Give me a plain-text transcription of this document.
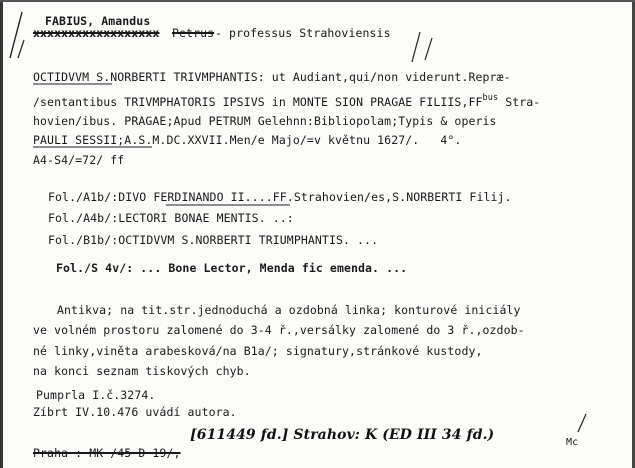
FABIUS, Amandus
xxxxxxxxxxxxxxxxxx Petrus - professus Strahoviensis
OCTIDVVM S.NORBERTI TRIVMPHANTIS: ut Audiant,qui/non viderunt.Repræ-
/sentantibus TRIVMPHATORIS IPSIVS in MONTE SION PRAGAE $FILIIS,FF^{bus}$ Stra-
hovien/ibus. PRAGAE;Apud PETRUM Gelehnn:Bibliopolam;Typis & operis
PAULI SESSII;A.S.M.DC.XXVII.Men/e Majo/=v květnu 1627/.   4°.
A4-S4/=72/ ff
Fol./A1b/:DIVO FERDINANDO II....FF.Strahovien/es,S.NORBERTI Filij.
Fol./A4b/:LECTORI BONAE MENTIS. ..:
Fol./B1b/:OCTIDVVM S.NORBERTI TRIUMPHANTIS. ...
Fol./S 4v/: ... Bone Lector, Menda fic emenda. ...
Antikva; na tit.str.jednoduchá a ozdobná linka; konturové iniciály
ve volném prostoru zalomené do 3-4 ř.,versálky zalomené do 3 ř.,ozdob-
né linky,viněta arabesková/na B1a/; signatury,stránkové kustody,
na konci seznam tiskových chyb.
Pumprla I.č.3274.
Zíbrt IV.10.476 uvádí autora.
Praha : MK /45 D 19/,
[611449 fd.] Strahov: K (ED III 34 fd.)	Mc
